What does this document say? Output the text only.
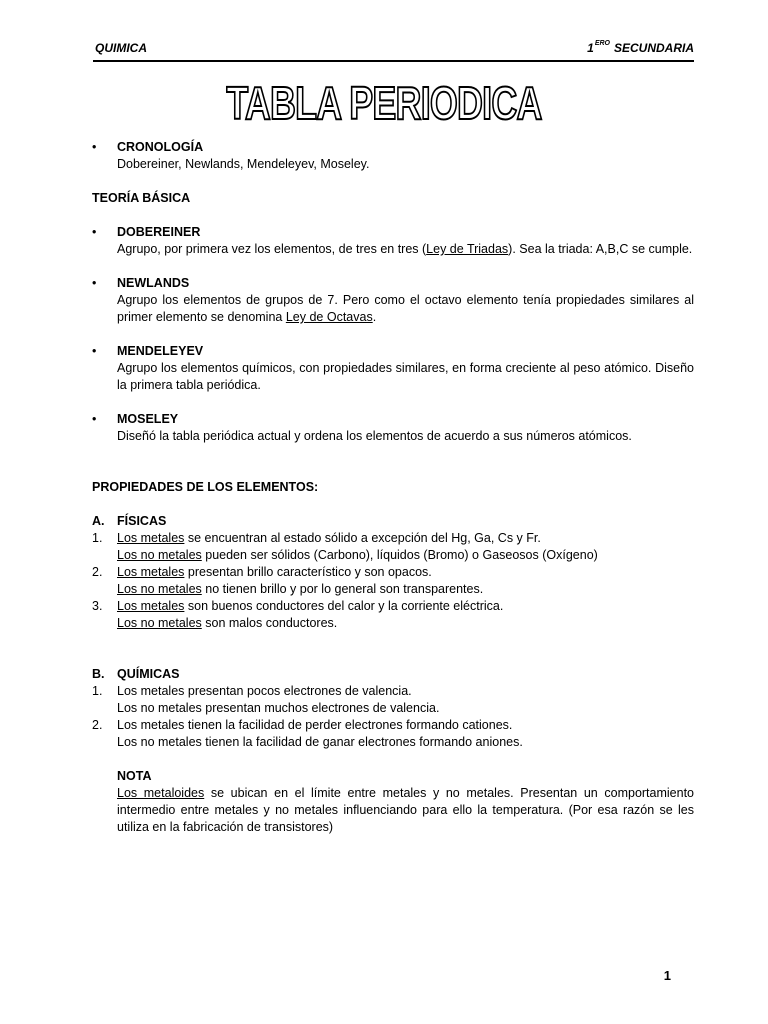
QUIMICA	$1^{ERO}$ SECUNDARIA
TABLA PERIODICA
• CRONOLOGÍA
Dobereiner, Newlands, Mendeleyev, Moseley.
TEORÍA BÁSICA
• DOBEREINER
Agrupo, por primera vez los elementos, de tres en tres (Ley de Triadas). Sea la triada: A,B,C se cumple.
• NEWLANDS
Agrupo los elementos de grupos de 7. Pero como el octavo elemento tenía propiedades similares al primer elemento se denomina Ley de Octavas.
• MENDELEYEV
Agrupo los elementos químicos, con propiedades similares, en forma creciente al peso atómico. Diseño la primera tabla periódica.
• MOSELEY
Diseñó la tabla periódica actual y ordena los elementos de acuerdo a sus números atómicos.
PROPIEDADES DE LOS ELEMENTOS:
A. FÍSICAS
1. Los metales se encuentran al estado sólido a excepción del Hg, Ga, Cs y Fr.
Los no metales pueden ser sólidos (Carbono), líquidos (Bromo) o Gaseosos (Oxígeno)
2. Los metales presentan brillo característico y son opacos.
Los no metales no tienen brillo y por lo general son transparentes.
3. Los metales son buenos conductores del calor y la corriente eléctrica.
Los no metales son malos conductores.
B. QUÍMICAS
1. Los metales presentan pocos electrones de valencia.
Los no metales presentan muchos electrones de valencia.
2. Los metales tienen la facilidad de perder electrones formando cationes.
Los no metales tienen la facilidad de ganar electrones formando aniones.
NOTA
Los metaloides se ubican en el límite entre metales y no metales. Presentan un comportamiento intermedio entre metales y no metales influenciando para ello la temperatura. (Por esa razón se les utiliza en la fabricación de transistores)
1
